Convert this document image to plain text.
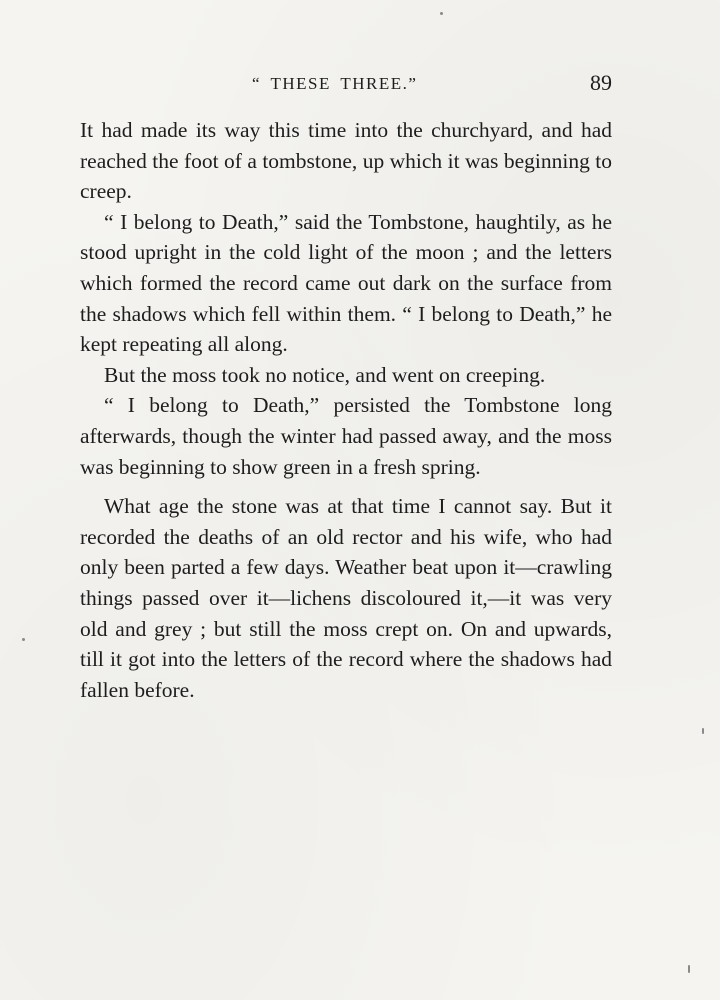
“ THESE THREE.”	89

It had made its way this time into the churchyard, and had reached the foot of a tombstone, up which it was beginning to creep.

“ I belong to Death,” said the Tombstone, haughtily, as he stood upright in the cold light of the moon ; and the letters which formed the record came out dark on the surface from the shadows which fell within them. “ I belong to Death,” he kept repeating all along.

But the moss took no notice, and went on creeping.

“ I belong to Death,” persisted the Tombstone long afterwards, though the winter had passed away, and the moss was beginning to show green in a fresh spring.

What age the stone was at that time I cannot say. But it recorded the deaths of an old rector and his wife, who had only been parted a few days. Weather beat upon it—crawling things passed over it—lichens discoloured it,—it was very old and grey ; but still the moss crept on. On and upwards, till it got into the letters of the record where the shadows had fallen before.
